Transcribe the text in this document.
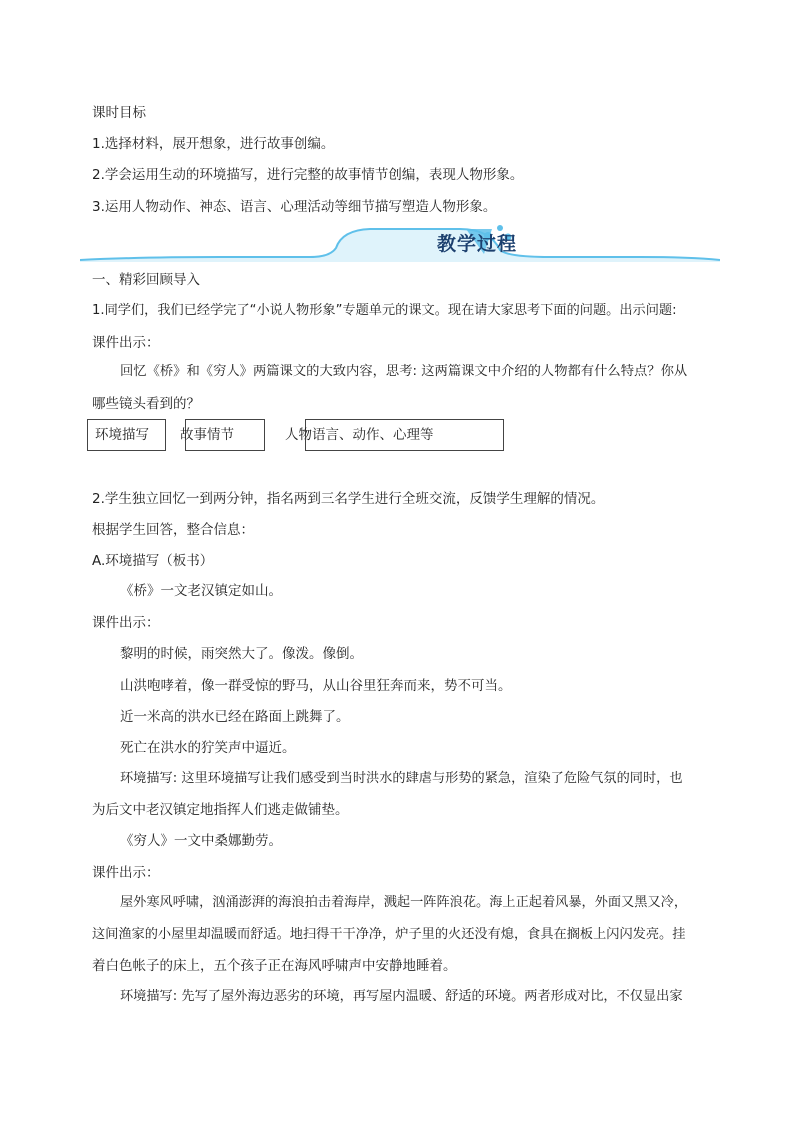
课时目标
1.选择材料，展开想象，进行故事创编。
2.学会运用生动的环境描写，进行完整的故事情节创编，表现人物形象。
3.运用人物动作、神态、语言、心理活动等细节描写塑造人物形象。
教学过程
一、精彩回顾导入
1.同学们，我们已经学完了“小说人物形象”专题单元的课文。现在请大家思考下面的问题。出示问题:
课件出示：
回忆《桥》和《穷人》两篇课文的大致内容，思考: 这两篇课文中介绍的人物都有什么特点？你从
哪些镜头看到的？
环境描写 故事情节	人物语言、动作、心理等
2.学生独立回忆一到两分钟，指名两到三名学生进行全班交流，反馈学生理解的情况。
根据学生回答，整合信息：
A.环境描写（板书）
《桥》一文老汉镇定如山。
课件出示：
黎明的时候，雨突然大了。像泼。像倒。
山洪咆哮着，像一群受惊的野马，从山谷里狂奔而来，势不可当。
近一米高的洪水已经在路面上跳舞了。
死亡在洪水的狞笑声中逼近。
环境描写: 这里环境描写让我们感受到当时洪水的肆虐与形势的紧急，渲染了危险气氛的同时，也
为后文中老汉镇定地指挥人们逃走做铺垫。
《穷人》一文中桑娜勤劳。
课件出示：
屋外寒风呼啸，汹涌澎湃的海浪拍击着海岸，溅起一阵阵浪花。海上正起着风暴，外面又黑又冷，
这间渔家的小屋里却温暖而舒适。地扫得干干净净，炉子里的火还没有熄，食具在搁板上闪闪发亮。挂
着白色帐子的床上，五个孩子正在海风呼啸声中安静地睡着。
环境描写: 先写了屋外海边恶劣的环境，再写屋内温暖、舒适的环境。两者形成对比，不仅显出家
